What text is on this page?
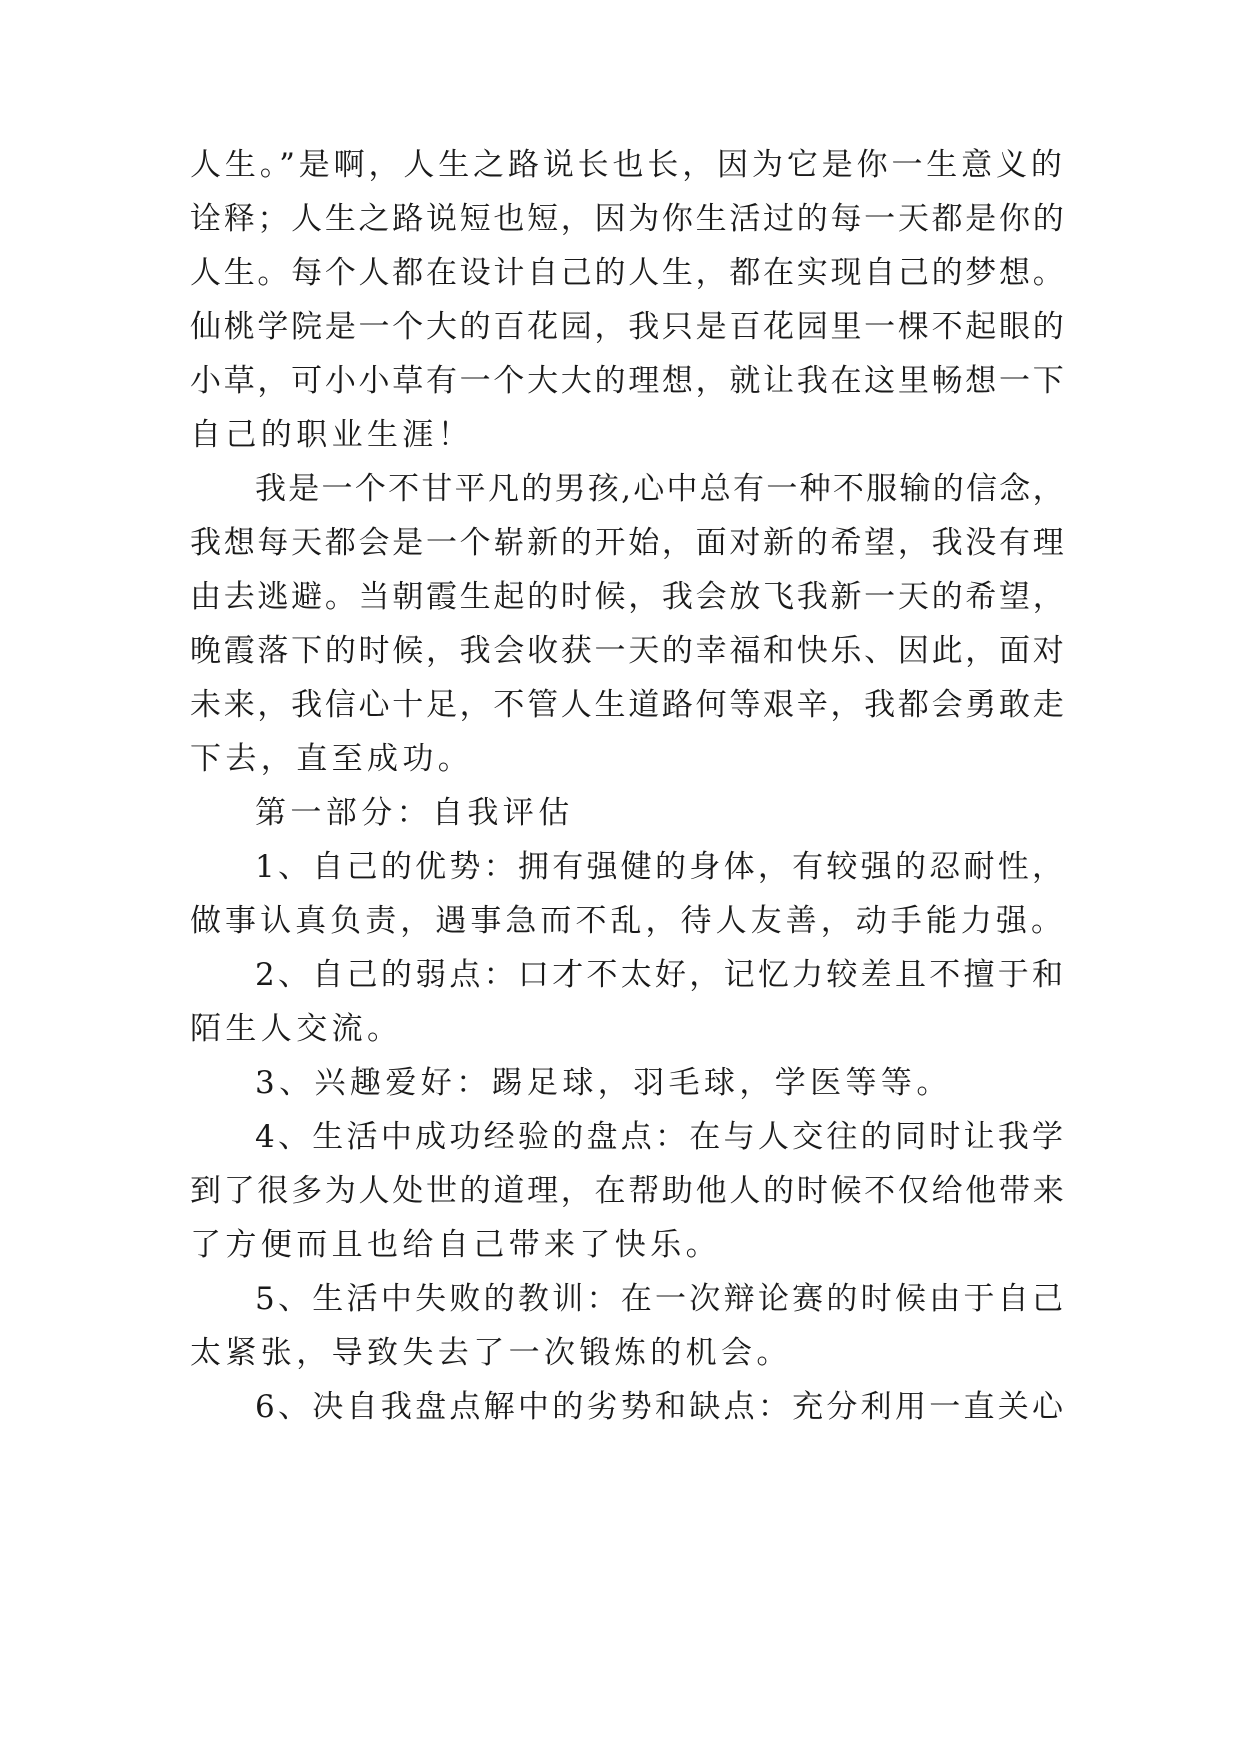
人生。”是啊，人生之路说长也长，因为它是你一生意义的
诠释；人生之路说短也短，因为你生活过的每一天都是你的
人生。每个人都在设计自己的人生，都在实现自己的梦想。
仙桃学院是一个大的百花园，我只是百花园里一棵不起眼的
小草，可小小草有一个大大的理想，就让我在这里畅想一下
自己的职业生涯！
我是一个不甘平凡的男孩,心中总有一种不服输的信念，
我想每天都会是一个崭新的开始，面对新的希望，我没有理
由去逃避。当朝霞生起的时候，我会放飞我新一天的希望，
晚霞落下的时候，我会收获一天的幸福和快乐、因此，面对
未来，我信心十足，不管人生道路何等艰辛，我都会勇敢走
下去，直至成功。
第一部分：自我评估
1、自己的优势：拥有强健的身体，有较强的忍耐性，
做事认真负责，遇事急而不乱，待人友善，动手能力强。
2、自己的弱点：口才不太好，记忆力较差且不擅于和
陌生人交流。
3、兴趣爱好：踢足球，羽毛球，学医等等。
4、生活中成功经验的盘点：在与人交往的同时让我学
到了很多为人处世的道理，在帮助他人的时候不仅给他带来
了方便而且也给自己带来了快乐。
5、生活中失败的教训：在一次辩论赛的时候由于自己
太紧张，导致失去了一次锻炼的机会。
6、决自我盘点解中的劣势和缺点：充分利用一直关心
